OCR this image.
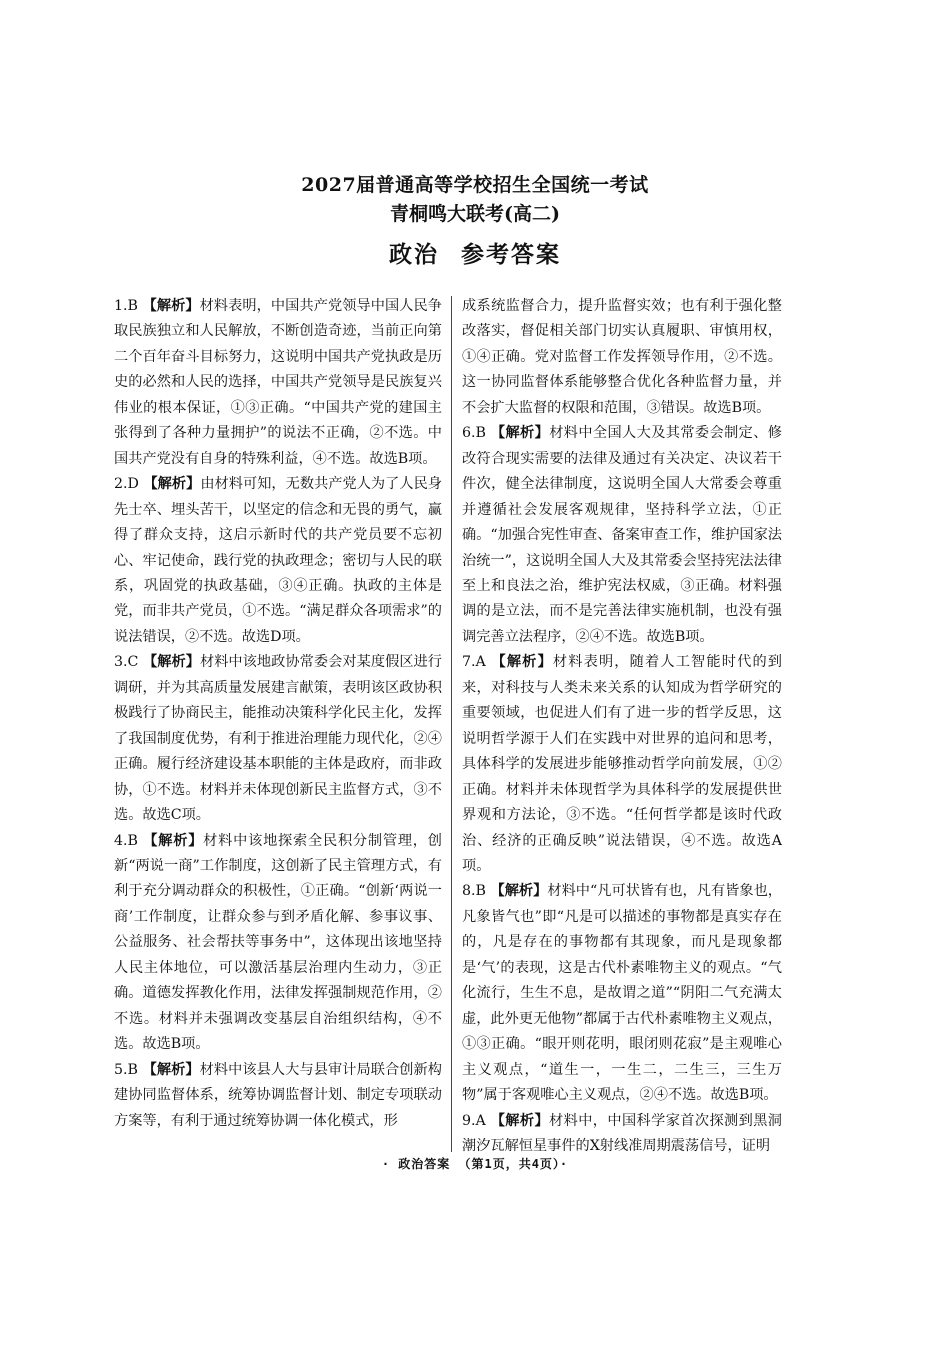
2027届普通高等学校招生全国统一考试
青桐鸣大联考(高二)
政治 参考答案

1.B 【解析】材料表明，中国共产党领导中国人民争取民族独立和人民解放，不断创造奇迹，当前正向第二个百年奋斗目标努力，这说明中国共产党执政是历史的必然和人民的选择，中国共产党领导是民族复兴伟业的根本保证，①③正确。“中国共产党的建国主张得到了各种力量拥护”的说法不正确，②不选。中国共产党没有自身的特殊利益，④不选。故选B项。

2.D 【解析】由材料可知，无数共产党人为了人民身先士卒、埋头苦干，以坚定的信念和无畏的勇气，赢得了群众支持，这启示新时代的共产党员要不忘初心、牢记使命，践行党的执政理念；密切与人民的联系，巩固党的执政基础，③④正确。执政的主体是党，而非共产党员，①不选。“满足群众各项需求”的说法错误，②不选。故选D项。

3.C 【解析】材料中该地政协常委会对某度假区进行调研，并为其高质量发展建言献策，表明该区政协积极践行了协商民主，能推动决策科学化民主化，发挥了我国制度优势，有利于推进治理能力现代化，②④正确。履行经济建设基本职能的主体是政府，而非政协，①不选。材料并未体现创新民主监督方式，③不选。故选C项。

4.B 【解析】材料中该地探索全民积分制管理，创新“两说一商”工作制度，这创新了民主管理方式，有利于充分调动群众的积极性，①正确。“创新‘两说一商’工作制度，让群众参与到矛盾化解、参事议事、公益服务、社会帮扶等事务中”，这体现出该地坚持人民主体地位，可以激活基层治理内生动力，③正确。道德发挥教化作用，法律发挥强制规范作用，②不选。材料并未强调改变基层自治组织结构，④不选。故选B项。

5.B 【解析】材料中该县人大与县审计局联合创新构建协同监督体系，统筹协调监督计划、制定专项联动方案等，有利于通过统筹协调一体化模式，形

成系统监督合力，提升监督实效；也有利于强化整改落实，督促相关部门切实认真履职、审慎用权，①④正确。党对监督工作发挥领导作用，②不选。这一协同监督体系能够整合优化各种监督力量，并不会扩大监督的权限和范围，③错误。故选B项。

6.B 【解析】材料中全国人大及其常委会制定、修改符合现实需要的法律及通过有关决定、决议若干件次，健全法律制度，这说明全国人大常委会尊重并遵循社会发展客观规律，坚持科学立法，①正确。“加强合宪性审查、备案审查工作，维护国家法治统一”，这说明全国人大及其常委会坚持宪法法律至上和良法之治，维护宪法权威，③正确。材料强调的是立法，而不是完善法律实施机制，也没有强调完善立法程序，②④不选。故选B项。

7.A 【解析】材料表明，随着人工智能时代的到来，对科技与人类未来关系的认知成为哲学研究的重要领域，也促进人们有了进一步的哲学反思，这说明哲学源于人们在实践中对世界的追问和思考，具体科学的发展进步能够推动哲学向前发展，①②正确。材料并未体现哲学为具体科学的发展提供世界观和方法论，③不选。“任何哲学都是该时代政治、经济的正确反映”说法错误，④不选。故选A项。

8.B 【解析】材料中“凡可状皆有也，凡有皆象也，凡象皆气也”即“凡是可以描述的事物都是真实存在的，凡是存在的事物都有其现象，而凡是现象都是‘气’的表现，这是古代朴素唯物主义的观点。“气化流行，生生不息，是故谓之道”“阴阳二气充满太虚，此外更无他物”都属于古代朴素唯物主义观点，①③正确。“眼开则花明，眼闭则花寂”是主观唯心主义观点，“道生一，一生二，二生三，三生万物”属于客观唯心主义观点，②④不选。故选B项。

9.A 【解析】材料中，中国科学家首次探测到黑洞潮汐瓦解恒星事件的X射线准周期震荡信号，证明

· 政治答案 （第1页，共4页）·
